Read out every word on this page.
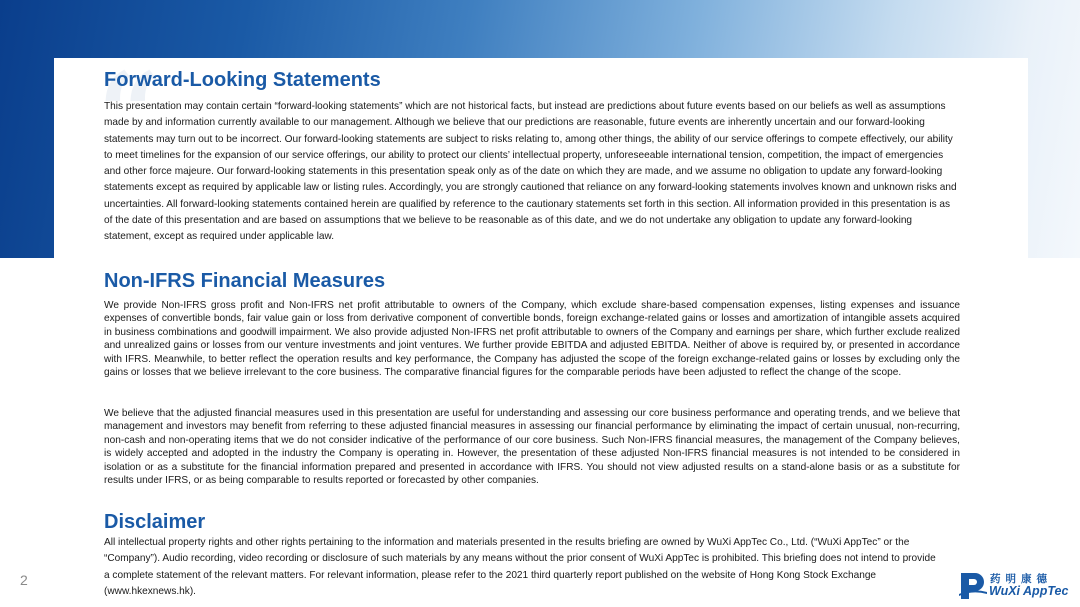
“
Forward-Looking Statements

This presentation may contain certain “forward-looking statements” which are not historical facts, but instead are predictions about future events based on our beliefs as well as assumptions made by and information currently available to our management. Although we believe that our predictions are reasonable, future events are inherently uncertain and our forward-looking statements may turn out to be incorrect. Our forward-looking statements are subject to risks relating to, among other things, the ability of our service offerings to compete effectively, our ability to meet timelines for the expansion of our service offerings, our ability to protect our clients’ intellectual property, unforeseeable international tension, competition, the impact of emergencies and other force majeure. Our forward-looking statements in this presentation speak only as of the date on which they are made, and we assume no obligation to update any forward-looking statements except as required by applicable law or listing rules. Accordingly, you are strongly cautioned that reliance on any forward-looking statements involves known and unknown risks and uncertainties. All forward-looking statements contained herein are qualified by reference to the cautionary statements set forth in this section. All information provided in this presentation is as of the date of this presentation and are based on assumptions that we believe to be reasonable as of this date, and we do not undertake any obligation to update any forward-looking statement, except as required under applicable law.

Non-IFRS Financial Measures

We provide Non-IFRS gross profit and Non-IFRS net profit attributable to owners of the Company, which exclude share-based compensation expenses, listing expenses and issuance expenses of convertible bonds, fair value gain or loss from derivative component of convertible bonds, foreign exchange-related gains or losses and amortization of intangible assets acquired in business combinations and goodwill impairment. We also provide adjusted Non-IFRS net profit attributable to owners of the Company and earnings per share, which further exclude realized and unrealized gains or losses from our venture investments and joint ventures. We further provide EBITDA and adjusted EBITDA. Neither of above is required by, or presented in accordance with IFRS. Meanwhile, to better reflect the operation results and key performance, the Company has adjusted the scope of the foreign exchange-related gains or losses by excluding only the gains or losses that we believe irrelevant to the core business. The comparative financial figures for the comparable periods have been adjusted to reflect the change of the scope.

We believe that the adjusted financial measures used in this presentation are useful for understanding and assessing our core business performance and operating trends, and we believe that management and investors may benefit from referring to these adjusted financial measures in assessing our financial performance by eliminating the impact of certain unusual, non-recurring, non-cash and non-operating items that we do not consider indicative of the performance of our core business. Such Non-IFRS financial measures, the management of the Company believes, is widely accepted and adopted in the industry the Company is operating in. However, the presentation of these adjusted Non-IFRS financial measures is not intended to be considered in isolation or as a substitute for the financial information prepared and presented in accordance with IFRS. You should not view adjusted results on a stand-alone basis or as a substitute for results under IFRS, or as being comparable to results reported or forecasted by other companies.

Disclaimer

All intellectual property rights and other rights pertaining to the information and materials presented in the results briefing are owned by WuXi AppTec Co., Ltd. (“WuXi AppTec” or the “Company”). Audio recording, video recording or disclosure of such materials by any means without the prior consent of WuXi AppTec is prohibited. This briefing does not intend to provide a complete statement of the relevant matters. For relevant information, please refer to the 2021 third quarterly report published on the website of Hong Kong Stock Exchange (www.hkexnews.hk).

2	药明康德
WuXi AppTec
